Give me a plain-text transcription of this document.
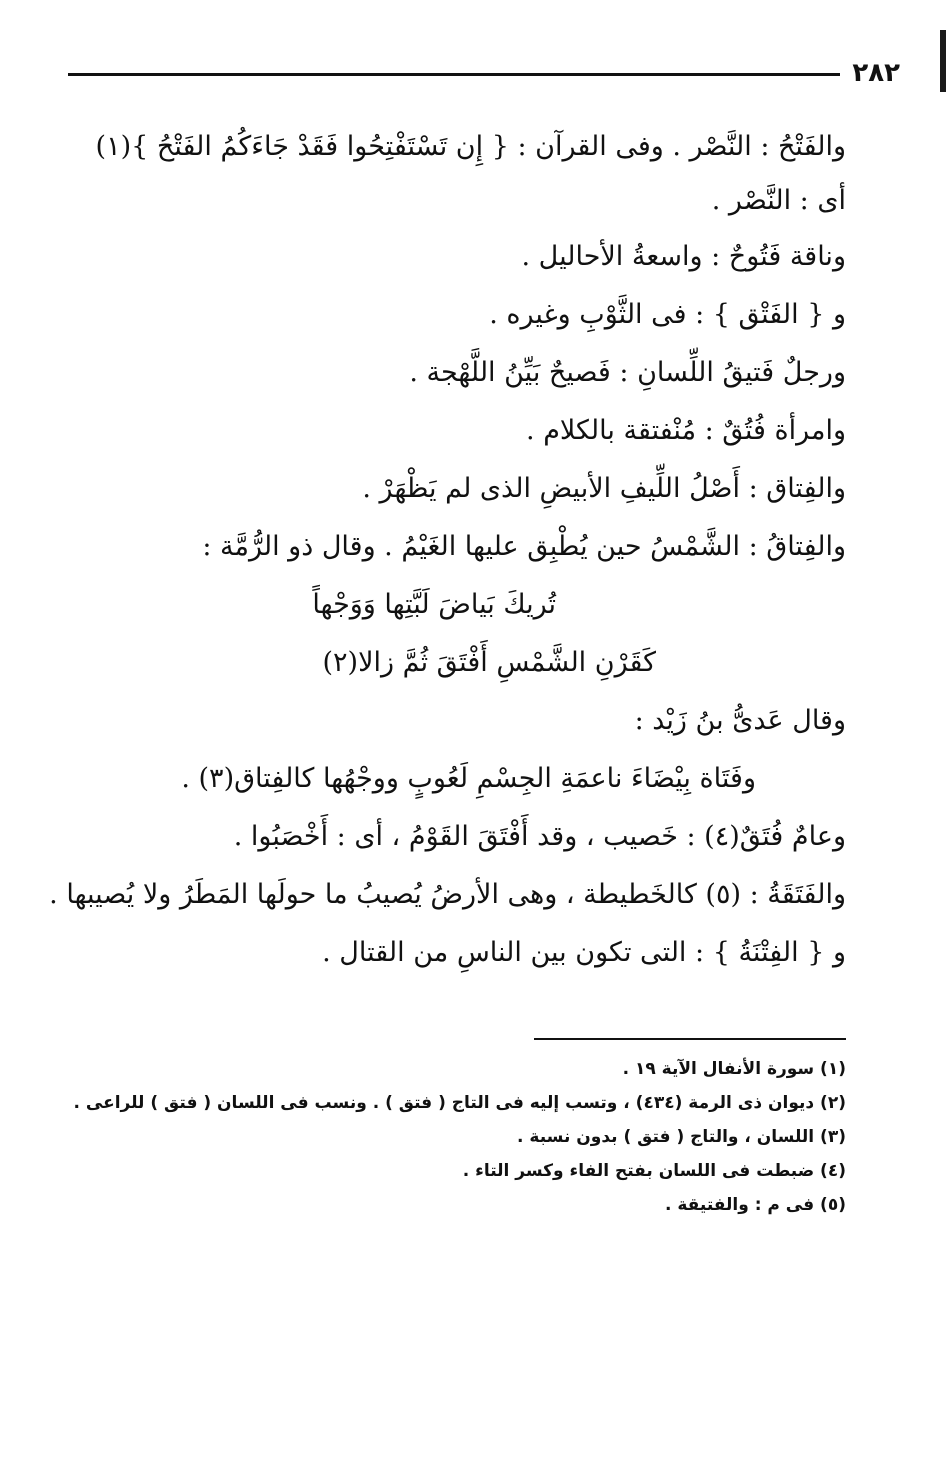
٢٨٢
والفَتْحُ : النَّصْر . وفى القرآن : { إِن تَسْتَفْتِحُوا فَقَدْ جَاءَكُمُ الفَتْحُ }(١) أى : النَّصْر .
وناقة فَتُوحٌ : واسعةُ الأحاليل .
و { الفَتْق } : فى الثَّوْبِ وغيره .
ورجلٌ فَتيقُ اللِّسانِ : فَصيحٌ بَيِّنُ اللَّهْجة .
وامرأة فُتُقٌ : مُنْفتقة بالكلام .
والفِتاق : أَصْلُ اللِّيفِ الأبيضِ الذى لم يَظْهَرْ .
والفِتاقُ : الشَّمْسُ حين يُطْبِق عليها الغَيْمُ . وقال ذو الرُّمَّة :
تُريكَ بَياضَ لَبَّتِها وَوَجْهاً
كَقَرْنِ الشَّمْسِ أَفْتَقَ ثُمَّ زالا(٢)
وقال عَدىُّ بنُ زَيْد :
وفَتَاة بِيْضَاءَ ناعمَةِ الجِسْمِ لَعُوبٍ ووجْهُها كالفِتاق(٣) .
وعامٌ فُتَقٌ(٤) : خَصيب ، وقد أَفْتَقَ القَوْمُ ، أى : أَخْصَبُوا .
والفَتَقَةُ : (٥) كالخَطيطة ، وهى الأرضُ يُصيبُ ما حولَها المَطَرُ ولا يُصيبها .
و { الفِتْنَةُ } : التى تكون بين الناسِ من القتال .
(١) سورة الأنفال الآية ١٩ .
(٢) ديوان ذى الرمة (٤٣٤) ، وتسب إليه فى التاج ( فتق ) . ونسب فى اللسان ( فتق ) للراعى .
(٣) اللسان ، والتاج ( فتق ) بدون نسبة .
(٤) ضبطت فى اللسان بفتح الفاء وكسر التاء .
(٥) فى م : والفتيقة .
